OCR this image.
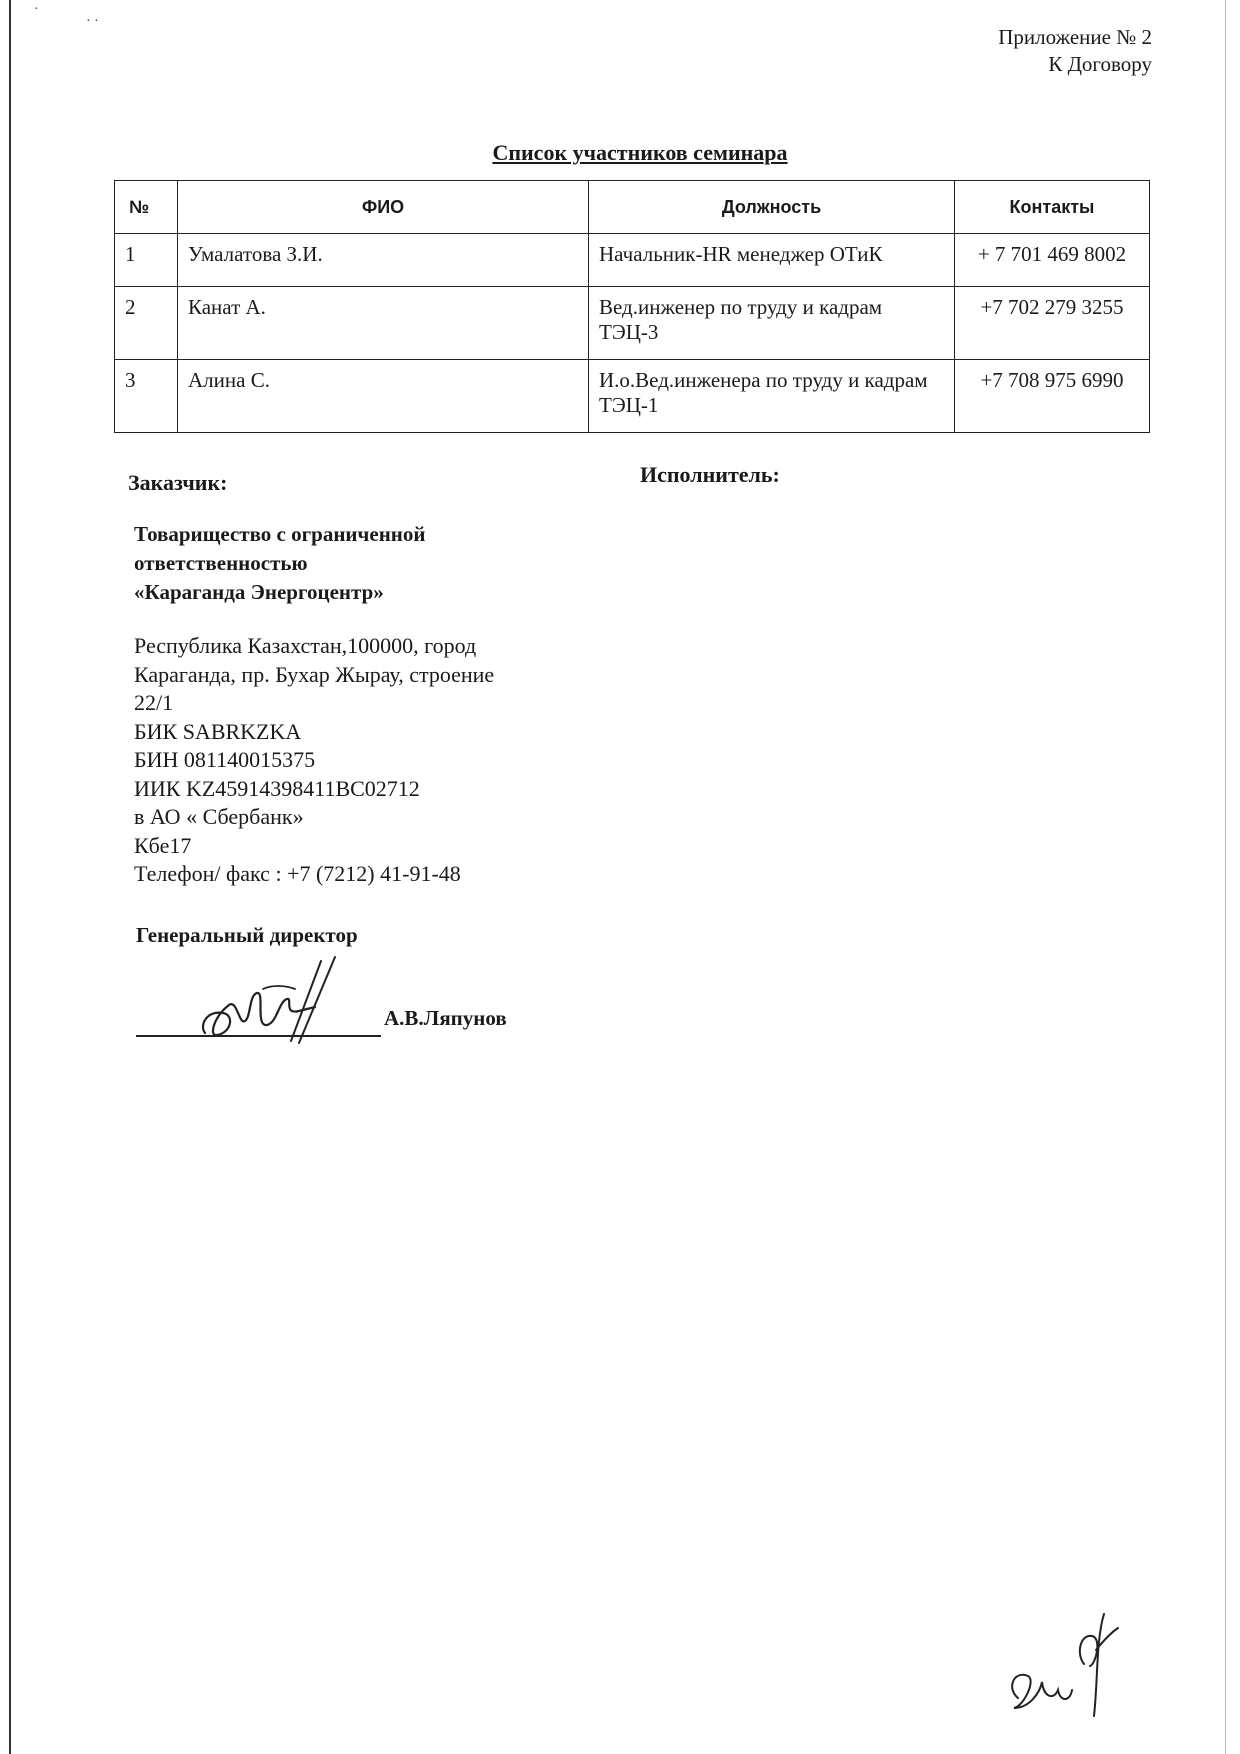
·
· ·
Приложение № 2
К Договору
Список участников семинара
№	ФИО	Должность	Контакты
1	Умалатова З.И.	Начальник-HR менеджер ОТиК	+ 7 701 469 8002
2	Канат А.	Вед.инженер по труду и кадрам ТЭЦ-3	+7 702 279 3255
3	Алина С.	И.о.Вед.инженера по труду и кадрам ТЭЦ-1	+7 708 975 6990
Заказчик:	Исполнитель:
Товарищество с ограниченной
ответственностью
«Караганда Энергоцентр»
Республика Казахстан,100000, город
Караганда, пр. Бухар Жырау, строение
22/1
БИК SABRKZKA
БИН 081140015375
ИИК KZ45914398411BC02712
в АО « Сбербанк»
Кбе17
Телефон/ факс : +7 (7212) 41-91-48
Генеральный директор
А.В.Ляпунов
